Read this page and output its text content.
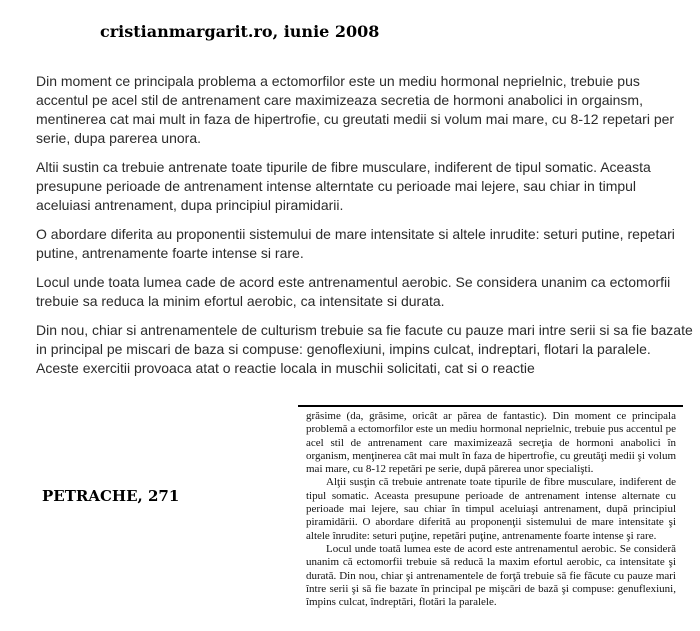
cristianmargarit.ro, iunie 2008

Din moment ce principala problema a ectomorfilor este un mediu hormonal neprielnic, trebuie pus accentul pe acel stil de antrenament care maximizeaza secretia de hormoni anabolici in orgainsm, mentinerea cat mai mult in faza de hipertrofie, cu greutati medii si volum mai mare, cu 8-12 repetari per serie, dupa parerea unora.

Altii sustin ca trebuie antrenate toate tipurile de fibre musculare, indiferent de tipul somatic. Aceasta presupune perioade de antrenament intense alterntate cu perioade mai lejere, sau chiar in timpul aceluiasi antrenament, dupa principiul piramidarii.

O abordare diferita au proponentii sistemului de mare intensitate si altele inrudite: seturi putine, repetari putine, antrenamente foarte intense si rare.

Locul unde toata lumea cade de acord este antrenamentul aerobic. Se considera unanim ca ectomorfii trebuie sa reduca la minim efortul aerobic, ca intensitate si durata.

Din nou, chiar si antrenamentele de culturism trebuie sa fie facute cu pauze mari intre serii si sa fie bazate in principal pe miscari de baza si compuse: genoflexiuni, impins culcat, indreptari, flotari la paralele. Aceste exercitii provoaca atat o reactie locala in muschii solicitati, cat si o reactie

PETRACHE, 271

grăsime (da, grăsime, oricât ar părea de fantastic). Din moment ce principala problemă a ectomorfilor este un mediu hormonal neprielnic, trebuie pus accentul pe acel stil de antrenament care maximizează secreţia de hormoni anabolici în organism, menţinerea cât mai mult în faza de hipertrofie, cu greutăţi medii şi volum mai mare, cu 8-12 repetări pe serie, după părerea unor specialişti.

Alţii susţin că trebuie antrenate toate tipurile de fibre musculare, indiferent de tipul somatic. Aceasta presupune perioade de antrenament intense alternate cu perioade mai lejere, sau chiar în timpul aceluiaşi antrenament, după principiul piramidării. O abordare diferită au proponenţii sistemului de mare intensitate şi altele înrudite: seturi puţine, repetări puţine, antrenamente foarte intense şi rare.

Locul unde toată lumea este de acord este antrenamentul aerobic. Se consideră unanim că ectomorfii trebuie să reducă la maxim efortul aerobic, ca intensitate şi durată. Din nou, chiar şi antrenamentele de forţă trebuie să fie făcute cu pauze mari între serii şi să fie bazate în principal pe mişcări de bază şi compuse: genuflexiuni, împins culcat, îndreptări, flotări la paralele.
